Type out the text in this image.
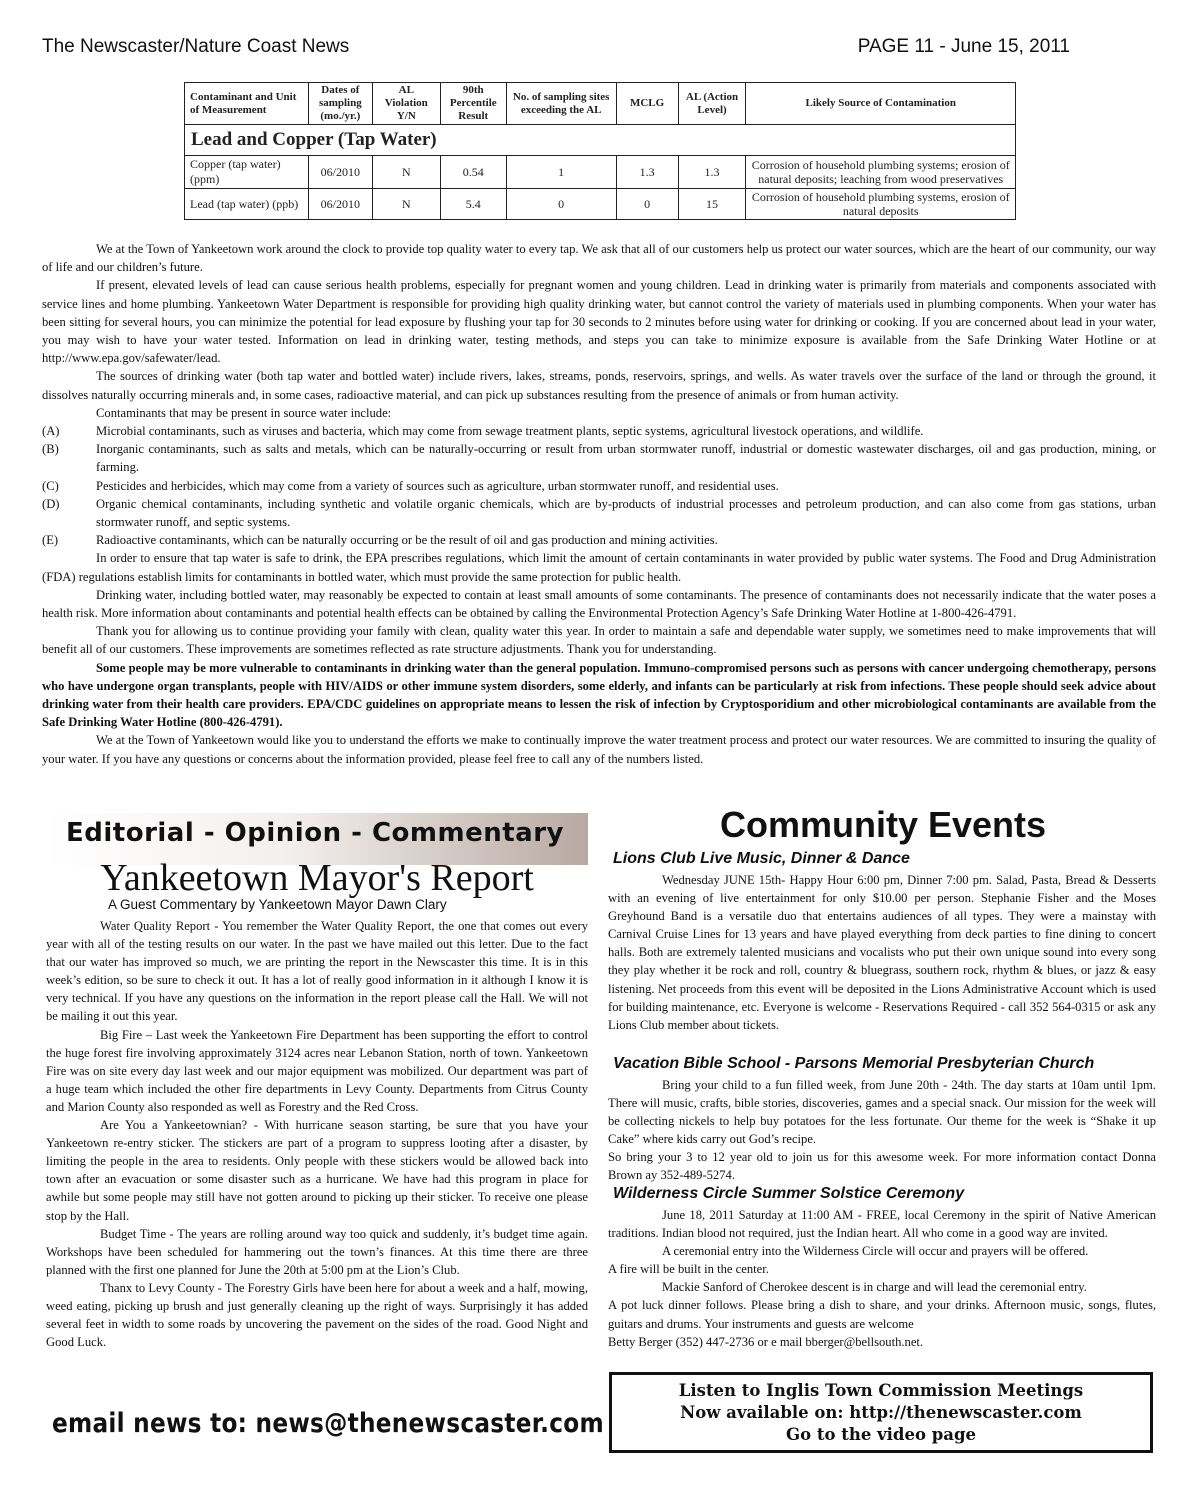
The Newscaster/Nature Coast News	PAGE 11 - June 15, 2011
Contaminant and Unit of Measurement	Dates of sampling (mo./yr.)	AL Violation Y/N	90th Percentile Result	No. of sampling sites exceeding the AL	MCLG	AL (Action Level)	Likely Source of Contamination
Lead and Copper (Tap Water)							
Copper (tap water) (ppm)	06/2010	N	0.54	1	1.3	1.3	Corrosion of household plumbing systems; erosion of natural deposits; leaching from wood preservatives
Lead (tap water) (ppb)	06/2010	N	5.4	0	0	15	Corrosion of household plumbing systems, erosion of natural deposits

We at the Town of Yankeetown work around the clock to provide top quality water to every tap. We ask that all of our customers help us protect our water sources, which are the heart of our community, our way of life and our children’s future.

If present, elevated levels of lead can cause serious health problems, especially for pregnant women and young children. Lead in drinking water is primarily from materials and components associated with service lines and home plumbing. Yankeetown Water Department is responsible for providing high quality drinking water, but cannot control the variety of materials used in plumbing components. When your water has been sitting for several hours, you can minimize the potential for lead exposure by flushing your tap for 30 seconds to 2 minutes before using water for drinking or cooking. If you are concerned about lead in your water, you may wish to have your water tested. Information on lead in drinking water, testing methods, and steps you can take to minimize exposure is available from the Safe Drinking Water Hotline or at http://www.epa.gov/safewater/lead.

The sources of drinking water (both tap water and bottled water) include rivers, lakes, streams, ponds, reservoirs, springs, and wells. As water travels over the surface of the land or through the ground, it dissolves naturally occurring minerals and, in some cases, radioactive material, and can pick up substances resulting from the presence of animals or from human activity.

Contaminants that may be present in source water include:

(A)	Microbial contaminants, such as viruses and bacteria, which may come from sewage treatment plants, septic systems, agricultural livestock operations, and wildlife.
(B)	Inorganic contaminants, such as salts and metals, which can be naturally-occurring or result from urban stormwater runoff, industrial or domestic wastewater discharges, oil and gas production, mining, or farming.
(C)	Pesticides and herbicides, which may come from a variety of sources such as agriculture, urban stormwater runoff, and residential uses.
(D)	Organic chemical contaminants, including synthetic and volatile organic chemicals, which are by-products of industrial processes and petroleum production, and can also come from gas stations, urban stormwater runoff, and septic systems.
(E)	Radioactive contaminants, which can be naturally occurring or be the result of oil and gas production and mining activities.

In order to ensure that tap water is safe to drink, the EPA prescribes regulations, which limit the amount of certain contaminants in water provided by public water systems. The Food and Drug Administration (FDA) regulations establish limits for contaminants in bottled water, which must provide the same protection for public health.

Drinking water, including bottled water, may reasonably be expected to contain at least small amounts of some contaminants. The presence of contaminants does not necessarily indicate that the water poses a health risk. More information about contaminants and potential health effects can be obtained by calling the Environmental Protection Agency’s Safe Drinking Water Hotline at 1-800-426-4791.

Thank you for allowing us to continue providing your family with clean, quality water this year. In order to maintain a safe and dependable water supply, we sometimes need to make improvements that will benefit all of our customers. These improvements are sometimes reflected as rate structure adjustments. Thank you for understanding.

Some people may be more vulnerable to contaminants in drinking water than the general population. Immuno-compromised persons such as persons with cancer undergoing chemotherapy, persons who have undergone organ transplants, people with HIV/AIDS or other immune system disorders, some elderly, and infants can be particularly at risk from infections. These people should seek advice about drinking water from their health care providers. EPA/CDC guidelines on appropriate means to lessen the risk of infection by Cryptosporidium and other microbiological contaminants are available from the Safe Drinking Water Hotline (800-426-4791).

We at the Town of Yankeetown would like you to understand the efforts we make to continually improve the water treatment process and protect our water resources. We are committed to insuring the quality of your water. If you have any questions or concerns about the information provided, please feel free to call any of the numbers listed.

Editorial - Opinion - Commentary
Yankeetown Mayor's Report
A Guest Commentary by Yankeetown Mayor Dawn Clary

Water Quality Report - You remember the Water Quality Report, the one that comes out every year with all of the testing results on our water. In the past we have mailed out this letter. Due to the fact that our water has improved so much, we are printing the report in the Newscaster this time. It is in this week’s edition, so be sure to check it out. It has a lot of really good information in it although I know it is very technical. If you have any questions on the information in the report please call the Hall. We will not be mailing it out this year.

Big Fire – Last week the Yankeetown Fire Department has been supporting the effort to control the huge forest fire involving approximately 3124 acres near Lebanon Station, north of town. Yankeetown Fire was on site every day last week and our major equipment was mobilized. Our department was part of a huge team which included the other fire departments in Levy County. Departments from Citrus County and Marion County also responded as well as Forestry and the Red Cross.

Are You a Yankeetownian? - With hurricane season starting, be sure that you have your Yankeetown re-entry sticker. The stickers are part of a program to suppress looting after a disaster, by limiting the people in the area to residents. Only people with these stickers would be allowed back into town after an evacuation or some disaster such as a hurricane. We have had this program in place for awhile but some people may still have not gotten around to picking up their sticker. To receive one please stop by the Hall.

Budget Time - The years are rolling around way too quick and suddenly, it’s budget time again. Workshops have been scheduled for hammering out the town’s finances. At this time there are three planned with the first one planned for June the 20th at 5:00 pm at the Lion’s Club.

Thanx to Levy County - The Forestry Girls have been here for about a week and a half, mowing, weed eating, picking up brush and just generally cleaning up the right of ways. Surprisingly it has added several feet in width to some roads by uncovering the pavement on the sides of the road. Good Night and Good Luck.

email news to: news@thenewscaster.com
Community Events
Lions Club Live Music, Dinner & Dance

Wednesday JUNE 15th- Happy Hour 6:00 pm, Dinner 7:00 pm. Salad, Pasta, Bread & Desserts with an evening of live entertainment for only $10.00 per person. Stephanie Fisher and the Moses Greyhound Band is a versatile duo that entertains audiences of all types. They were a mainstay with Carnival Cruise Lines for 13 years and have played everything from deck parties to fine dining to concert halls. Both are extremely talented musicians and vocalists who put their own unique sound into every song they play whether it be rock and roll, country & bluegrass, southern rock, rhythm & blues, or jazz & easy listening. Net proceeds from this event will be deposited in the Lions Administrative Account which is used for building maintenance, etc. Everyone is welcome - Reservations Required - call 352 564-0315 or ask any Lions Club member about tickets.

Vacation Bible School - Parsons Memorial Presbyterian Church

Bring your child to a fun filled week, from June 20th - 24th. The day starts at 10am until 1pm. There will music, crafts, bible stories, discoveries, games and a special snack. Our mission for the week will be collecting nickels to help buy potatoes for the less fortunate. Our theme for the week is “Shake it up Cake” where kids carry out God’s recipe.

So bring your 3 to 12 year old to join us for this awesome week. For more information contact Donna Brown ay 352-489-5274.

Wilderness Circle Summer Solstice Ceremony

June 18, 2011 Saturday at 11:00 AM - FREE, local Ceremony in the spirit of Native American traditions. Indian blood not required, just the Indian heart. All who come in a good way are invited.

A ceremonial entry into the Wilderness Circle will occur and prayers will be offered.

A fire will be built in the center.

Mackie Sanford of Cherokee descent is in charge and will lead the ceremonial entry.

A pot luck dinner follows. Please bring a dish to share, and your drinks. Afternoon music, songs, flutes, guitars and drums. Your instruments and guests are welcome

Betty Berger (352) 447-2736 or e mail bberger@bellsouth.net.

Listen to Inglis Town Commission Meetings
Now available on: http://thenewscaster.com
Go to the video page
